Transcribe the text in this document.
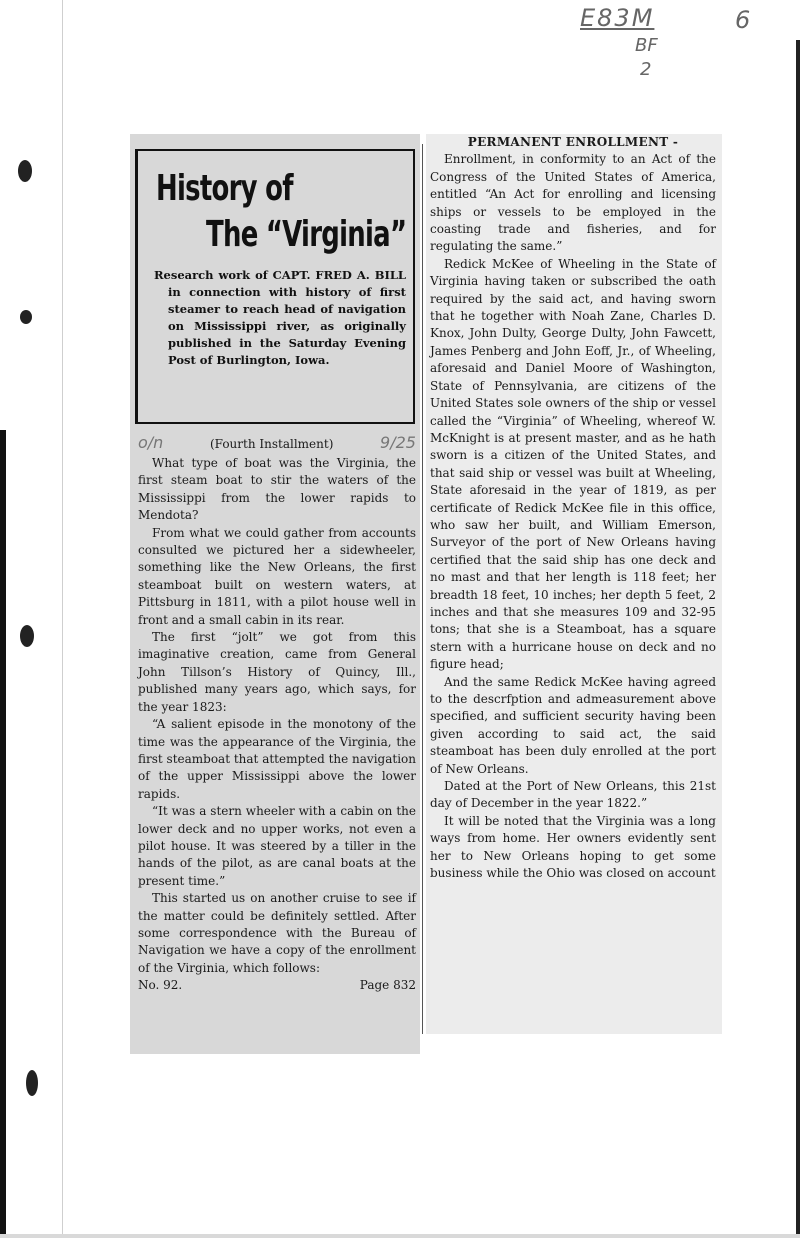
E83M
BF
2
6
History of
The “Virginia”
Research work of CAPT. FRED A. BILL in connection with history of first steamer to reach head of navigation on Mississippi river, as originally published in the Saturday Evening Post of Burlington, Iowa.

o/n	(Fourth Installment)	9/25

What type of boat was the Virginia, the first steam boat to stir the waters of the Mississippi from the lower rapids to Mendota?

From what we could gather from accounts consulted we pictured her a sidewheeler, something like the New Orleans, the first steamboat built on western waters, at Pittsburg in 1811, with a pilot house well in front and a small cabin in its rear.

The first “jolt” we got from this imaginative creation, came from General John Tillson’s History of Quincy, Ill., published many years ago, which says, for the year 1823:

“A salient episode in the monotony of the time was the appearance of the Virginia, the first steamboat that attempted the navigation of the upper Mississippi above the lower rapids.

“It was a stern wheeler with a cabin on the lower deck and no upper works, not even a pilot house. It was steered by a tiller in the hands of the pilot, as are canal boats at the present time.”

This started us on another cruise to see if the matter could be definitely settled. After some correspondence with the Bureau of Navigation we have a copy of the enrollment of the Virginia, which follows:

No. 92.	Page 832

PERMANENT ENROLLMENT -

Enrollment, in conformity to an Act of the Congress of the United States of America, entitled “An Act for enrolling and licensing ships or vessels to be employed in the coasting trade and fisheries, and for regulating the same.”

Redick McKee of Wheeling in the State of Virginia having taken or subscribed the oath required by the said act, and having sworn that he together with Noah Zane, Charles D. Knox, John Dulty, George Dulty, John Fawcett, James Penberg and John Eoff, Jr., of Wheeling, aforesaid and Daniel Moore of Washington, State of Pennsylvania, are citizens of the United States sole owners of the ship or vessel called the “Virginia” of Wheeling, whereof W. McKnight is at present master, and as he hath sworn is a citizen of the United States, and that said ship or vessel was built at Wheeling, State aforesaid in the year of 1819, as per certificate of Redick McKee file in this office, who saw her built, and William Emerson, Surveyor of the port of New Orleans having certified that the said ship has one deck and no mast and that her length is 118 feet; her breadth 18 feet, 10 inches; her depth 5 feet, 2 inches and that she measures 109 and 32-95 tons; that she is a Steamboat, has a square stern with a hurricane house on deck and no figure head;

And the same Redick McKee having agreed to the descrfption and admeasurement above specified, and sufficient security having been given according to said act, the said steamboat has been duly enrolled at the port of New Orleans.

Dated at the Port of New Orleans, this 21st day of December in the year 1822.”

It will be noted that the Virginia was a long ways from home. Her owners evidently sent her to New Orleans hoping to get some business while the Ohio was closed on account
